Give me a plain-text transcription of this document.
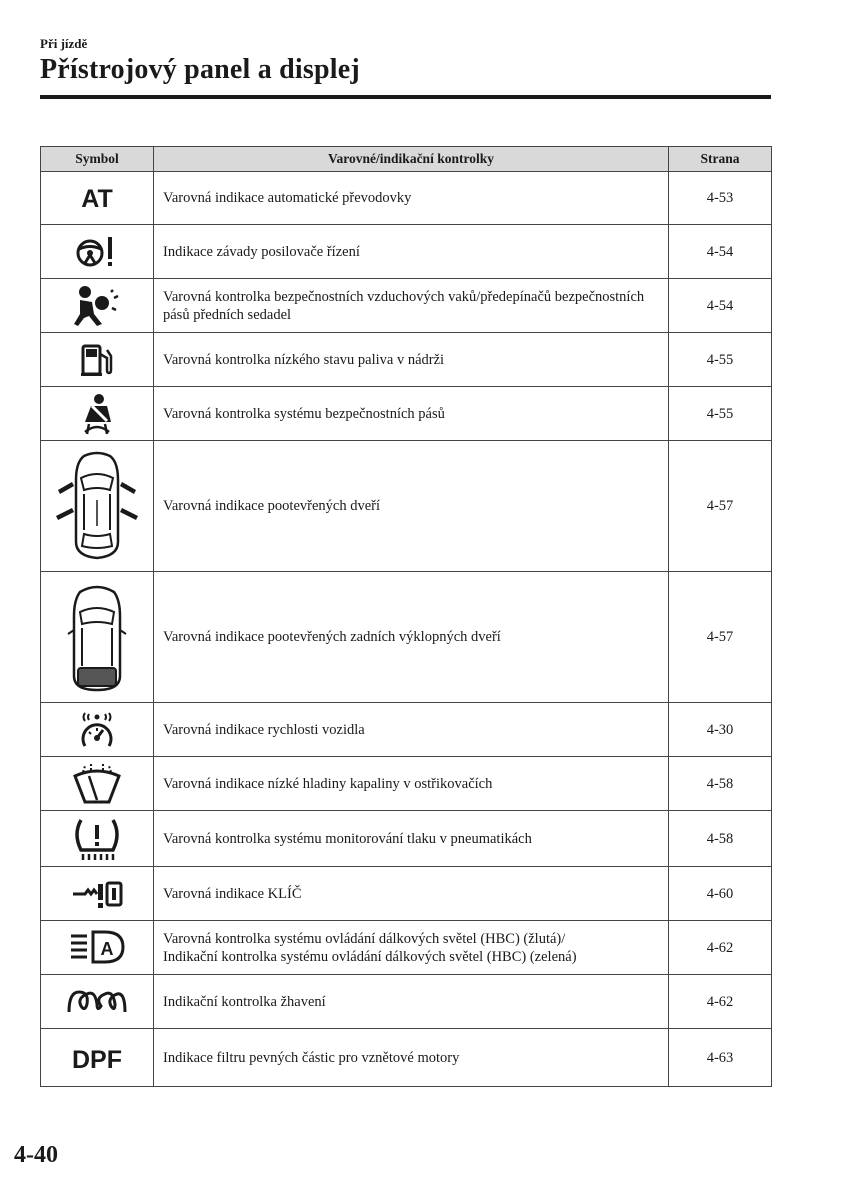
Při jízdě
Přístrojový panel a displej
Symbol	Varovné/indikační kontrolky	Strana

AT	Varovná indikace automatické převodovky	4-53

	Indikace závady posilovače řízení	4-54

	Varovná kontrolka bezpečnostních vzduchových vaků/předepínačů bezpečnostních pásů předních sedadel	4-54

	Varovná kontrolka nízkého stavu paliva v nádrži	4-55

	Varovná kontrolka systému bezpečnostních pásů	4-55

	Varovná indikace pootevřených dveří	4-57

	Varovná indikace pootevřených zadních výklopných dveří	4-57

	Varovná indikace rychlosti vozidla	4-30

	Varovná indikace nízké hladiny kapaliny v ostřikovačích	4-58

	Varovná kontrolka systému monitorování tlaku v pneumatikách	4-58

	Varovná indikace KLÍČ	4-60

A	Varovná kontrolka systému ovládání dálkových světel (HBC) (žlutá)/
Indikační kontrolka systému ovládání dálkových světel (HBC) (zelená)	4-62

	Indikační kontrolka žhavení	4-62

DPF	Indikace filtru pevných částic pro vznětové motory	4-63
4-40
